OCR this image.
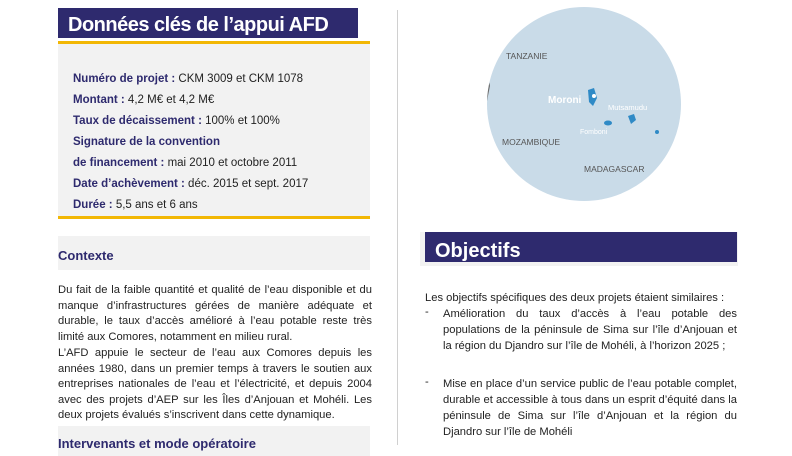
Données clés de l’appui AFD
Numéro de projet : CKM 3009 et CKM 1078
Montant : 4,2 M€ et 4,2 M€
Taux de décaissement : 100% et 100%
Signature de la convention
de financement : mai 2010 et octobre 2011
Date d’achèvement : déc. 2015 et sept. 2017
Durée : 5,5 ans et 6 ans
Contexte
Du fait de la faible quantité et qualité de l’eau disponible et du manque d’infrastructures gérées de manière adéquate et durable, le taux d’accès amélioré à l’eau potable reste très limité aux Comores, notamment en milieu rural.
L’AFD appuie le secteur de l’eau aux Comores depuis les années 1980, dans un premier temps à travers le soutien aux entreprises nationales de l’eau et l’électricité, et depuis 2004 avec des projets d’AEP sur les Îles d’Anjouan et Mohéli. Les deux projets évalués s’inscrivent dans cette dynamique.
Intervenants et mode opératoire
TANZANIE
Moroni
Mutsamudu
Fomboni
MOZAMBIQUE
MADAGASCAR
Objectifs
Les objectifs spécifiques des deux projets étaient similaires :
- Amélioration du taux d’accès à l’eau potable des populations de la péninsule de Sima sur l’île d’Anjouan et la région du Djandro sur l’île de Mohéli, à l’horizon 2025 ;
- Mise en place d’un service public de l’eau potable complet, durable et accessible à tous dans un esprit d’équité dans la péninsule de Sima sur l’île d’Anjouan et la région du Djandro sur l’île de Mohéli
